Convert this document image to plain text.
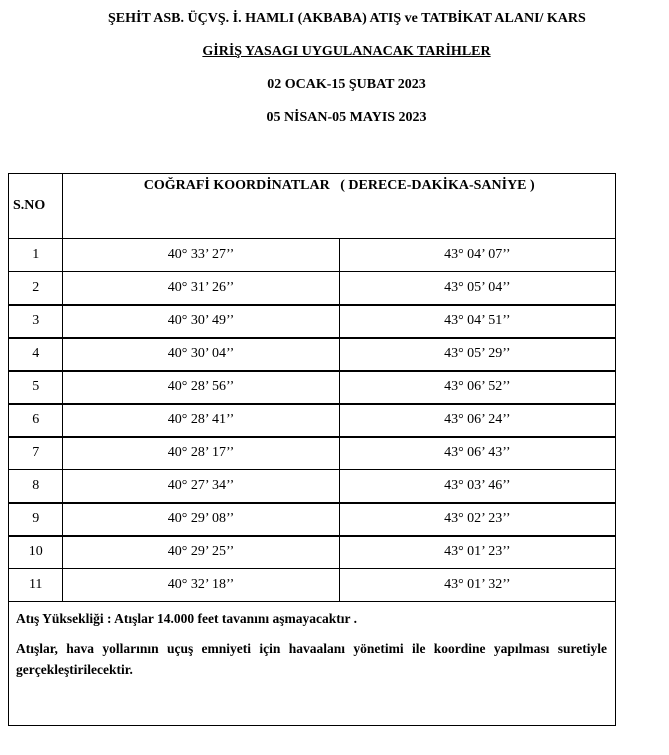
ŞEHİT ASB. ÜÇVŞ. İ. HAMLI (AKBABA) ATIŞ ve TATBİKAT ALANI/ KARS
GİRİŞ YASAGI UYGULANACAK TARİHLER
02 OCAK-15 ŞUBAT 2023
05 NİSAN-05 MAYIS 2023
S.NO	COĞRAFİ KOORDİNATLAR   ( DERECE-DAKİKA-SANİYE )	
1	40° 33’ 27’’	43° 04’ 07’’
2	40° 31’ 26’’	43° 05’ 04’’
3	40° 30’ 49’’	43° 04’ 51’’
4	40° 30’ 04’’	43° 05’ 29’’
5	40° 28’ 56’’	43° 06’ 52’’
6	40° 28’ 41’’	43° 06’ 24’’
7	40° 28’ 17’’	43° 06’ 43’’
8	40° 27’ 34’’	43° 03’ 46’’
9	40° 29’ 08’’	43° 02’ 23’’
10	40° 29’ 25’’	43° 01’ 23’’
11	40° 32’ 18’’	43° 01’ 32’’

Atış Yüksekliği : Atışlar 14.000 feet tavanını aşmayacaktır .

Atışlar, hava yollarının uçuş emniyeti için havaalanı yönetimi ile koordine yapılması suretiyle gerçekleştirilecektir.		
